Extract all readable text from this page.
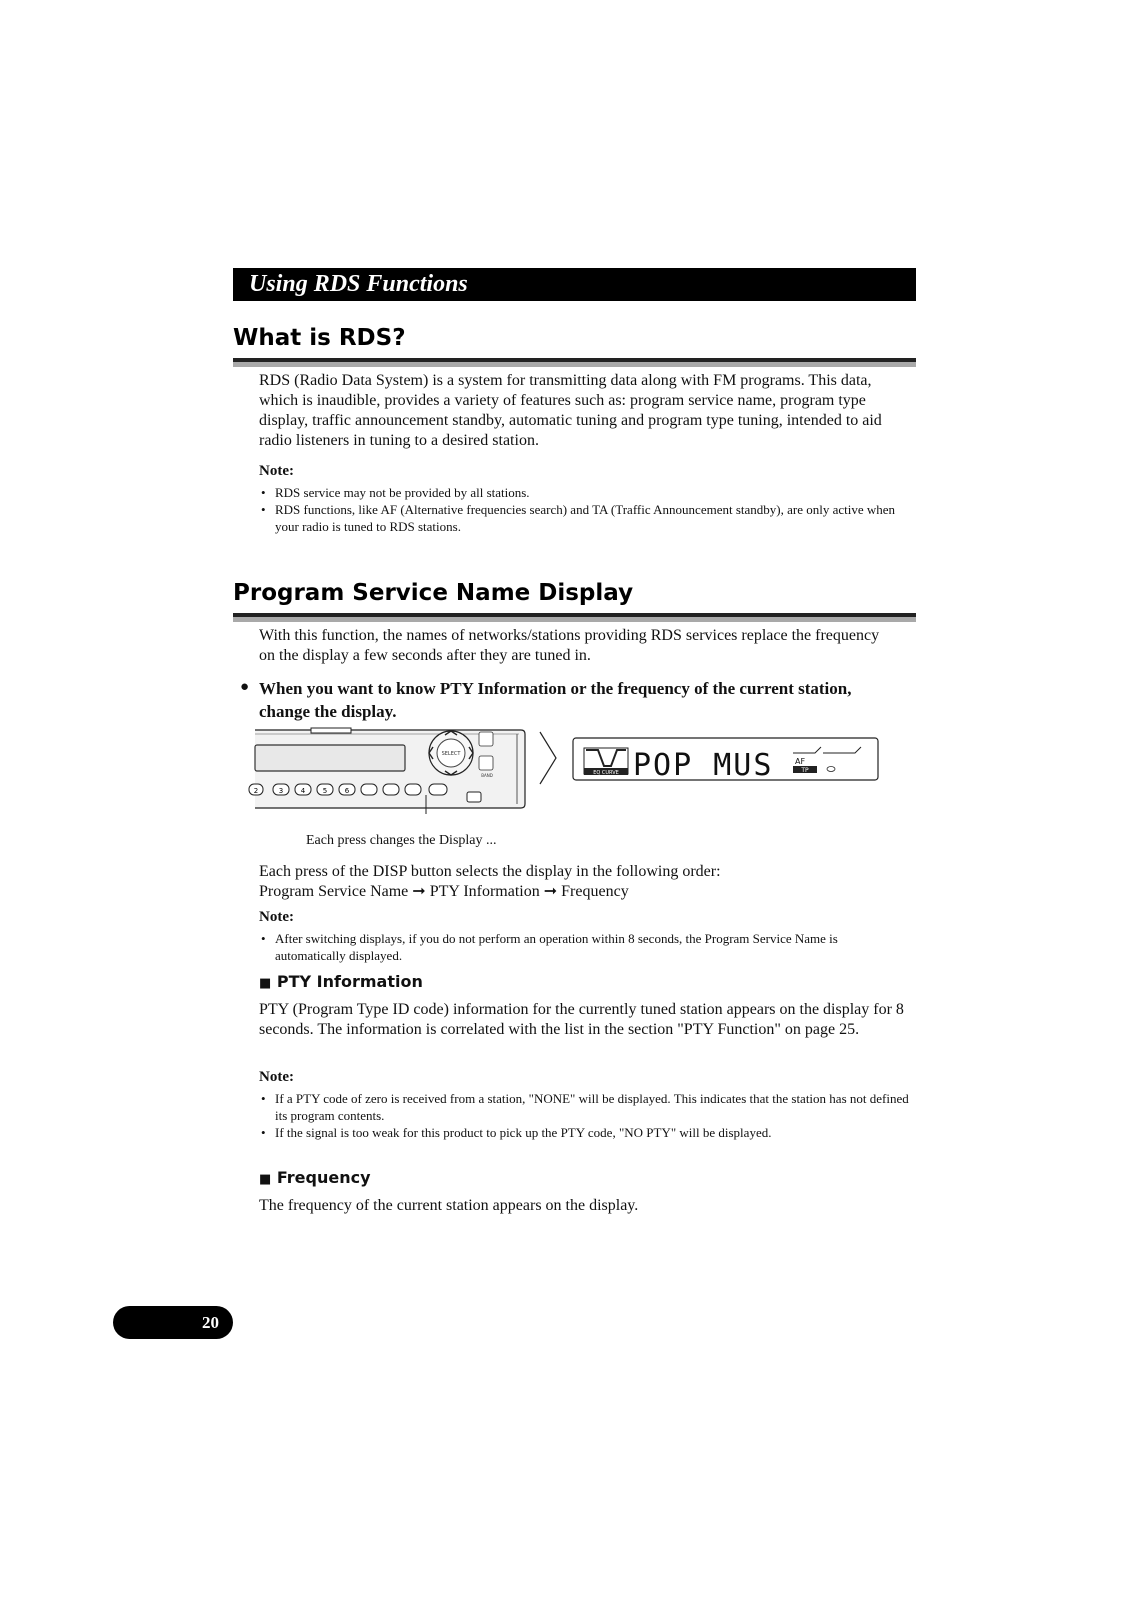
Using RDS Functions
What is RDS?
RDS (Radio Data System) is a system for transmitting data along with FM programs. This data, which is inaudible, provides a variety of features such as: program service name, program type display, traffic announcement standby, automatic tuning and program type tuning, intended to aid radio listeners in tuning to a desired station.
Note:
• RDS service may not be provided by all stations.
• RDS functions, like AF (Alternative frequencies search) and TA (Traffic Announcement standby), are only active when your radio is tuned to RDS stations.
Program Service Name Display
With this function, the names of networks/stations providing RDS services replace the frequency on the display a few seconds after they are tuned in.
● When you want to know PTY Information or the frequency of the current station, change the display.
SELECT
BAND
2	3	4	5	6
EQ CURVE POP MUS	AF
TP
Each press changes the Display ...
Each press of the DISP button selects the display in the following order:
Program Service Name ➞ PTY Information ➞ Frequency
Note:
• After switching displays, if you do not perform an operation within 8 seconds, the Program Service Name is automatically displayed.
■ PTY Information
PTY (Program Type ID code) information for the currently tuned station appears on the display for 8 seconds. The information is correlated with the list in the section "PTY Function" on page 25.
Note:
• If a PTY code of zero is received from a station, "NONE" will be displayed. This indicates that the station has not defined its program contents.
• If the signal is too weak for this product to pick up the PTY code, "NO PTY" will be displayed.
■ Frequency
The frequency of the current station appears on the display.
20
